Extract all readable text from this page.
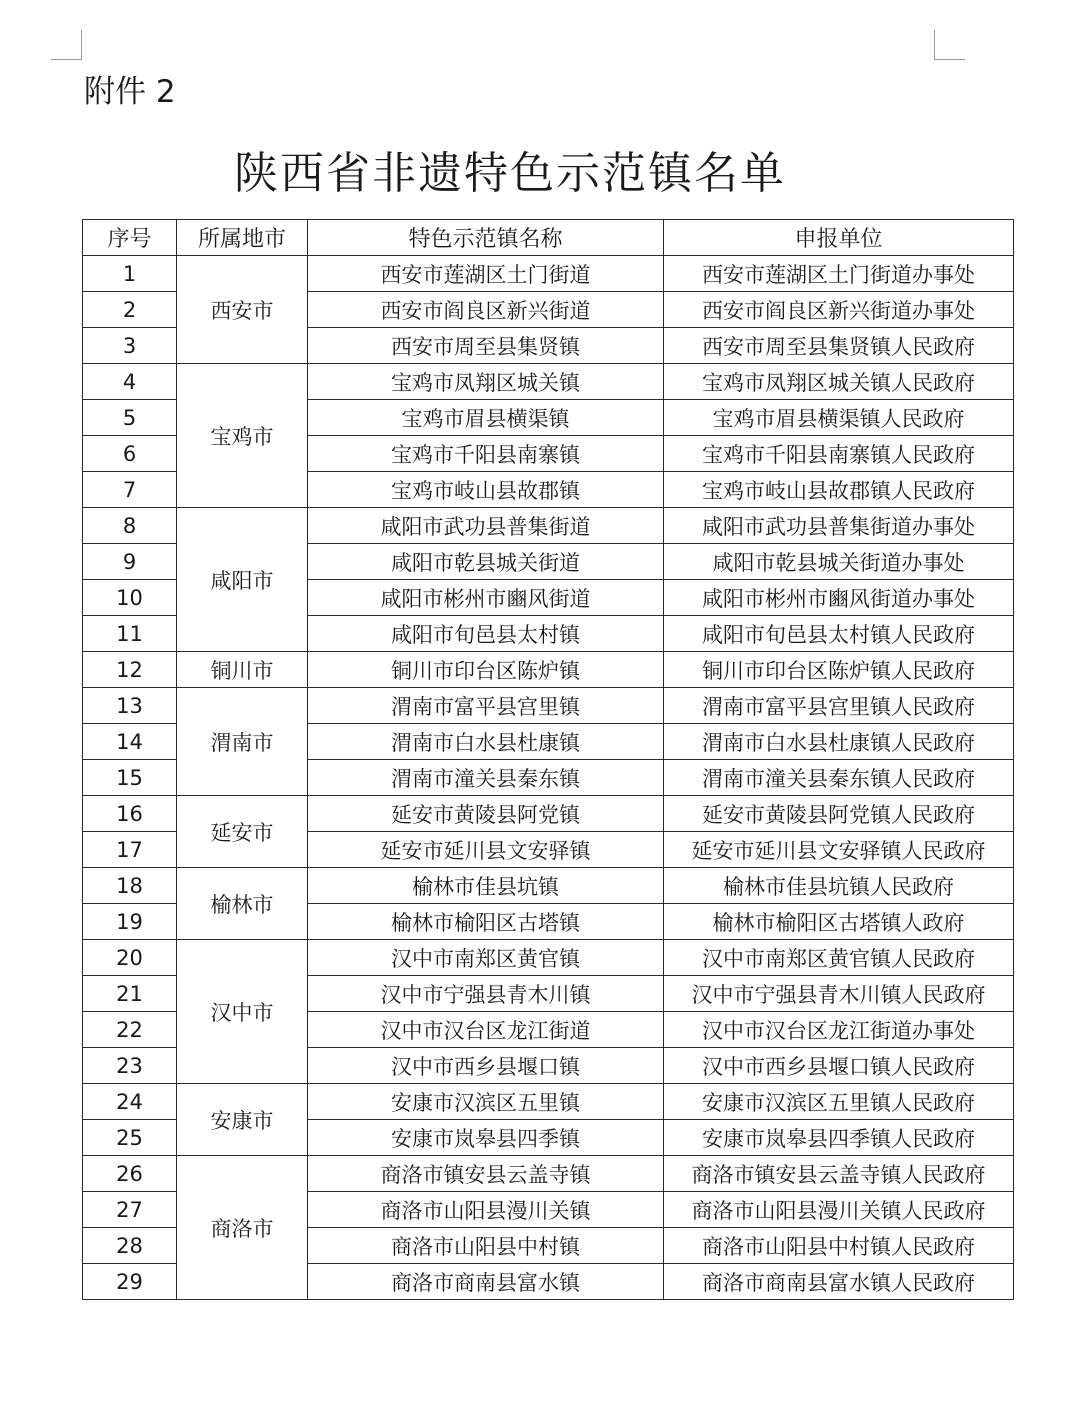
附件 2
陕西省非遗特色示范镇名单
序号	所属地市	特色示范镇名称	申报单位
1	西安市	西安市莲湖区土门街道	西安市莲湖区土门街道办事处
2		西安市阎良区新兴街道	西安市阎良区新兴街道办事处
3		西安市周至县集贤镇	西安市周至县集贤镇人民政府
4	宝鸡市	宝鸡市凤翔区城关镇	宝鸡市凤翔区城关镇人民政府
5		宝鸡市眉县横渠镇	宝鸡市眉县横渠镇人民政府
6		宝鸡市千阳县南寨镇	宝鸡市千阳县南寨镇人民政府
7		宝鸡市岐山县故郡镇	宝鸡市岐山县故郡镇人民政府
8	咸阳市	咸阳市武功县普集街道	咸阳市武功县普集街道办事处
9		咸阳市乾县城关街道	咸阳市乾县城关街道办事处
10		咸阳市彬州市豳风街道	咸阳市彬州市豳风街道办事处
11		咸阳市旬邑县太村镇	咸阳市旬邑县太村镇人民政府
12	铜川市	铜川市印台区陈炉镇	铜川市印台区陈炉镇人民政府
13	渭南市	渭南市富平县宫里镇	渭南市富平县宫里镇人民政府
14		渭南市白水县杜康镇	渭南市白水县杜康镇人民政府
15		渭南市潼关县秦东镇	渭南市潼关县秦东镇人民政府
16	延安市	延安市黄陵县阿党镇	延安市黄陵县阿党镇人民政府
17		延安市延川县文安驿镇	延安市延川县文安驿镇人民政府
18	榆林市	榆林市佳县坑镇	榆林市佳县坑镇人民政府
19		榆林市榆阳区古塔镇	榆林市榆阳区古塔镇人政府
20	汉中市	汉中市南郑区黄官镇	汉中市南郑区黄官镇人民政府
21		汉中市宁强县青木川镇	汉中市宁强县青木川镇人民政府
22		汉中市汉台区龙江街道	汉中市汉台区龙江街道办事处
23		汉中市西乡县堰口镇	汉中市西乡县堰口镇人民政府
24	安康市	安康市汉滨区五里镇	安康市汉滨区五里镇人民政府
25		安康市岚皋县四季镇	安康市岚皋县四季镇人民政府
26	商洛市	商洛市镇安县云盖寺镇	商洛市镇安县云盖寺镇人民政府
27		商洛市山阳县漫川关镇	商洛市山阳县漫川关镇人民政府
28		商洛市山阳县中村镇	商洛市山阳县中村镇人民政府
29		商洛市商南县富水镇	商洛市商南县富水镇人民政府
